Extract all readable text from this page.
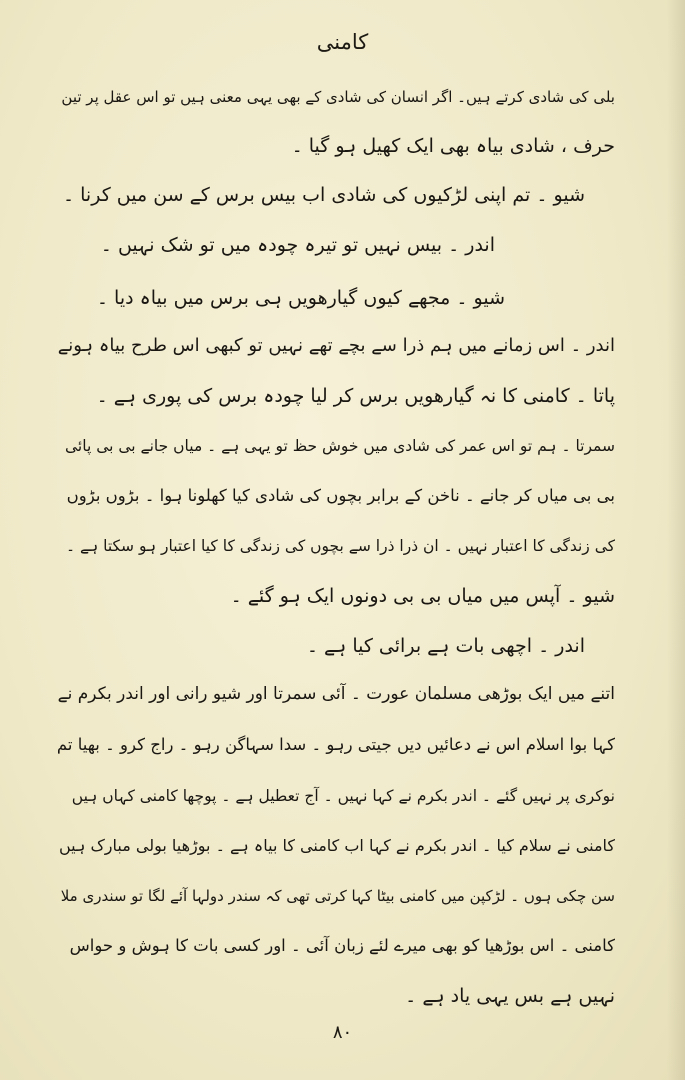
کامنی
بلی کی شادی کرتے ہیں۔ اگر انسان کی شادی کے بھی یہی معنی ہیں تو اس عقل پر تین
حرف ، شادی بیاہ بھی ایک کھیل ہو گیا ۔
شیو ۔ تم اپنی لڑکیوں کی شادی اب بیس برس کے سن میں کرنا ۔
اندر ۔ بیس نہیں تو تیرہ چودہ میں تو شک نہیں ۔
شیو ۔ مجھے کیوں گیارھویں ہی برس میں بیاہ دیا ۔
اندر ۔ اس زمانے میں ہم ذرا سے بچے تھے نہیں تو کبھی اس طرح بیاہ ہونے
پاتا ۔ کامنی کا نہ گیارھویں برس کر لیا چودہ برس کی پوری ہے ۔
سمرتا ۔ ہم تو اس عمر کی شادی میں خوش حظ تو یہی ہے ۔ میاں جانے بی بی پائی
بی بی میاں کر جانے ۔ ناخن کے برابر بچوں کی شادی کیا کھلونا ہوا ۔ بڑوں بڑوں
کی زندگی کا اعتبار نہیں ۔ ان ذرا ذرا سے بچوں کی زندگی کا کیا اعتبار ہو سکتا ہے ۔
شیو ۔ آپس میں میاں بی بی دونوں ایک ہو گئے ۔
اندر ۔ اچھی بات ہے برائی کیا ہے ۔
اتنے میں ایک بوڑھی مسلمان عورت ۔ آئی سمرتا اور شیو رانی اور اندر بکرم نے
کہا بوا اسلام اس نے دعائیں دیں جیتی رہو ۔ سدا سہاگن رہو ۔ راج کرو ۔ بھیا تم
نوکری پر نہیں گئے ۔ اندر بکرم نے کہا نہیں ۔ آج تعطیل ہے ۔ پوچھا کامنی کہاں ہیں
کامنی نے سلام کیا ۔ اندر بکرم نے کہا اب کامنی کا بیاہ ہے ۔ بوڑھیا بولی مبارک ہیں
سن چکی ہوں ۔ لڑکپن میں کامنی بیٹا کہا کرتی تھی کہ سندر دولہا آئے لگا تو سندری ملا
کامنی ۔ اس بوڑھیا کو بھی میرے لئے زبان آئی ۔ اور کسی بات کا ہوش و حواس
نہیں ہے بس یہی یاد ہے ۔
۸۰
